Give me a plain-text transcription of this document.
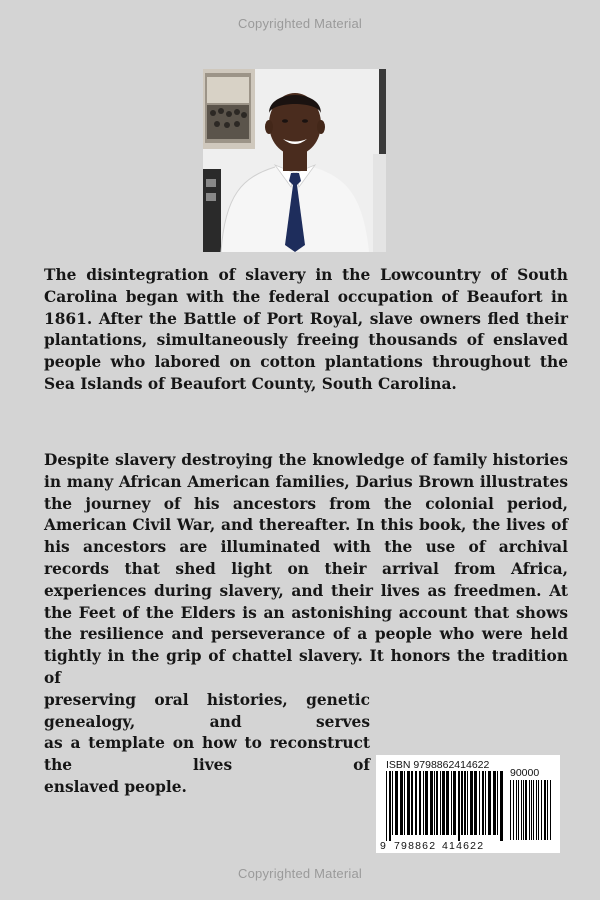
Copyrighted Material

The disintegration of slavery in the Lowcountry of South Carolina began with the federal occupation of Beaufort in 1861. After the Battle of Port Royal, slave owners fled their plantations, simultaneously freeing thousands of enslaved people who labored on cotton plantations throughout the Sea Islands of Beaufort County, South Carolina.

Despite slavery destroying the knowledge of family histories in many African American families, Darius Brown illustrates the journey of his ancestors from the colonial period, American Civil War, and thereafter. In this book, the lives of his ancestors are illuminated with the use of archival records that shed light on their arrival from Africa, experiences during slavery, and their lives as freedmen. At the Feet of the Elders is an astonishing account that shows the resilience and perseverance of a people who were held tightly in the grip of chattel slavery. It honors the tradition of
preserving oral histories, genetic genealogy, and serves
as a template on how to reconstruct the lives of
enslaved people.
ISBN 9798862414622
90000
9 798862 414622
Copyrighted Material
